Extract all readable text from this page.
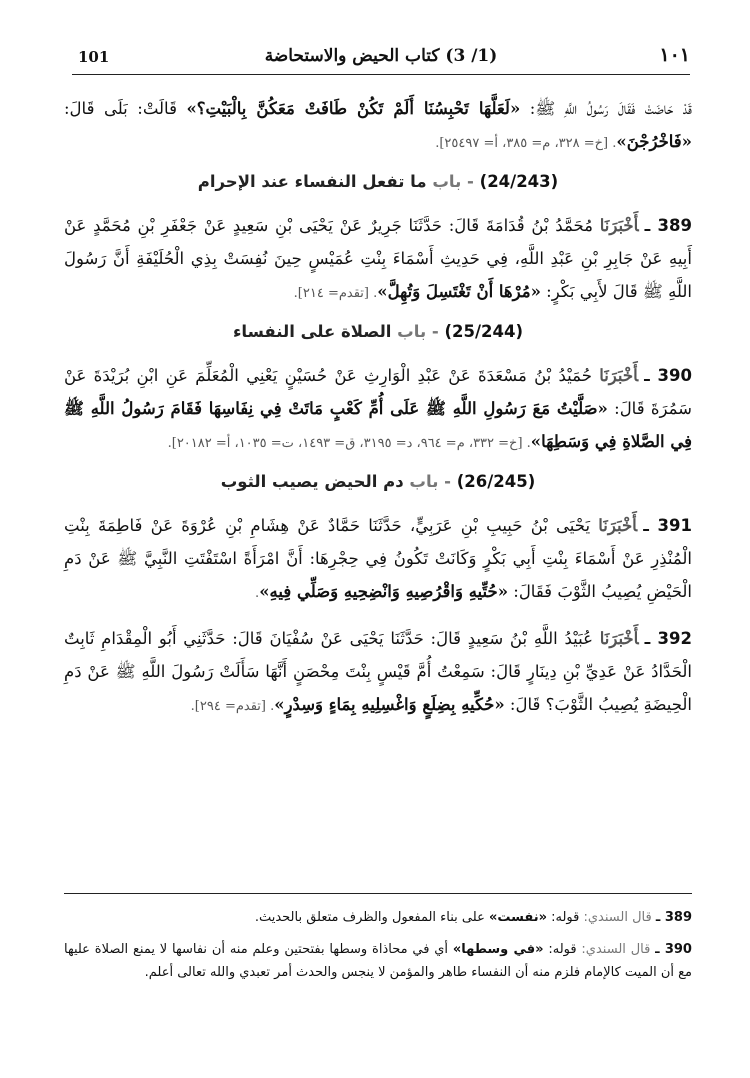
101	(1/ 3) كتاب الحيض والاستحاضة	١٠١

قَدْ حَاضَتْ فَقَالَ رَسُولُ اللَّهِ ﷺ: «لَعَلَّهَا تَحْبِسُنَا أَلَمْ تَكُنْ طَافَتْ مَعَكُنَّ بِالْبَيْتِ؟» قَالَتْ: بَلَى قَالَ: «فَاخْرُجْنَ». [خ= ٣٢٨، م= ٣٨٥، أ= ٢٥٤٩٧].

(24/243) - باب ما تفعل النفساء عند الإحرام

389 ـأَخْبَرَنَا مُحَمَّدُ بْنُ قُدَامَةَ قَالَ: حَدَّثَنَا جَرِيرٌ عَنْ يَحْيَى بْنِ سَعِيدٍ عَنْ جَعْفَرِ بْنِ مُحَمَّدٍ عَنْ أَبِيهِ عَنْ جَابِرِ بْنِ عَبْدِ اللَّهِ، فِي حَدِيثِ أَسْمَاءَ بِنْتِ عُمَيْسٍ حِينَ نُفِسَتْ بِذِي الْحُلَيْفَةِ أَنَّ رَسُولَ اللَّهِ ﷺ قَالَ لأَبِي بَكْرٍ: «مُرْهَا أَنْ تَغْتَسِلَ وَتُهِلَّ». [تقدم= ٢١٤].

(25/244) - باب الصلاة على النفساء

390 ـأَخْبَرَنَا حُمَيْدُ بْنُ مَسْعَدَةَ عَنْ عَبْدِ الْوَارِثِ عَنْ حُسَيْنٍ يَعْنِي الْمُعَلِّمَ عَنِ ابْنِ بُرَيْدَةَ عَنْ سَمُرَةَ قَالَ: «صَلَّيْتُ مَعَ رَسُولِ اللَّهِ ﷺ عَلَى أُمِّ كَعْبٍ مَاتَتْ فِي نِفَاسِهَا فَقَامَ رَسُولُ اللَّهِ ﷺ فِي الصَّلاةِ فِي وَسَطِهَا». [خ= ٣٣٢، م= ٩٦٤، د= ٣١٩٥، ق= ١٤٩٣، ت= ١٠٣٥، أ= ٢٠١٨٢].

(26/245) - باب دم الحيض يصيب الثوب

391 ـأَخْبَرَنَا يَحْيَى بْنُ حَبِيبِ بْنِ عَرَبِيٍّ، حَدَّثَنَا حَمَّادٌ عَنْ هِشَامِ بْنِ عُرْوَةَ عَنْ فَاطِمَةَ بِنْتِ الْمُنْذِرِ عَنْ أَسْمَاءَ بِنْتِ أَبِي بَكْرٍ وَكَانَتْ تَكُونُ فِي حِجْرِهَا: أَنَّ امْرَأَةً اسْتَفْتَتِ النَّبِيَّ ﷺ عَنْ دَمِ الْحَيْضِ يُصِيبُ الثَّوْبَ فَقَالَ: «حُتِّيهِ وَاقْرُصِيهِ وَانْضِحِيهِ وَصَلِّي فِيهِ».

392 ـأَخْبَرَنَا عُبَيْدُ اللَّهِ بْنُ سَعِيدٍ قَالَ: حَدَّثَنَا يَحْيَى عَنْ سُفْيَانَ قَالَ: حَدَّثَنِي أَبُو الْمِقْدَامِ ثَابِتٌ الْحَدَّادُ عَنْ عَدِيِّ بْنِ دِينَارٍ قَالَ: سَمِعْتُ أُمَّ قَيْسٍ بِنْتَ مِحْصَنٍ أَنَّهَا سَأَلَتْ رَسُولَ اللَّهِ ﷺ عَنْ دَمِ الْحِيضَةِ يُصِيبُ الثَّوْبَ؟ قَالَ: «حُكِّيهِ بِضِلَعٍ وَاغْسِلِيهِ بِمَاءٍ وَسِدْرٍ». [تقدم= ٢٩٤].

389 ـ قال السندي: قوله: «نفست» على بناء المفعول والظرف متعلق بالحديث.

390 ـ قال السندي: قوله: «في وسطها» أي في محاذاة وسطها بفتحتين وعلم منه أن نفاسها لا يمنع الصلاة عليها مع أن الميت كالإمام فلزم منه أن النفساء طاهر والمؤمن لا ينجس والحدث أمر تعبدي والله تعالى أعلم.
